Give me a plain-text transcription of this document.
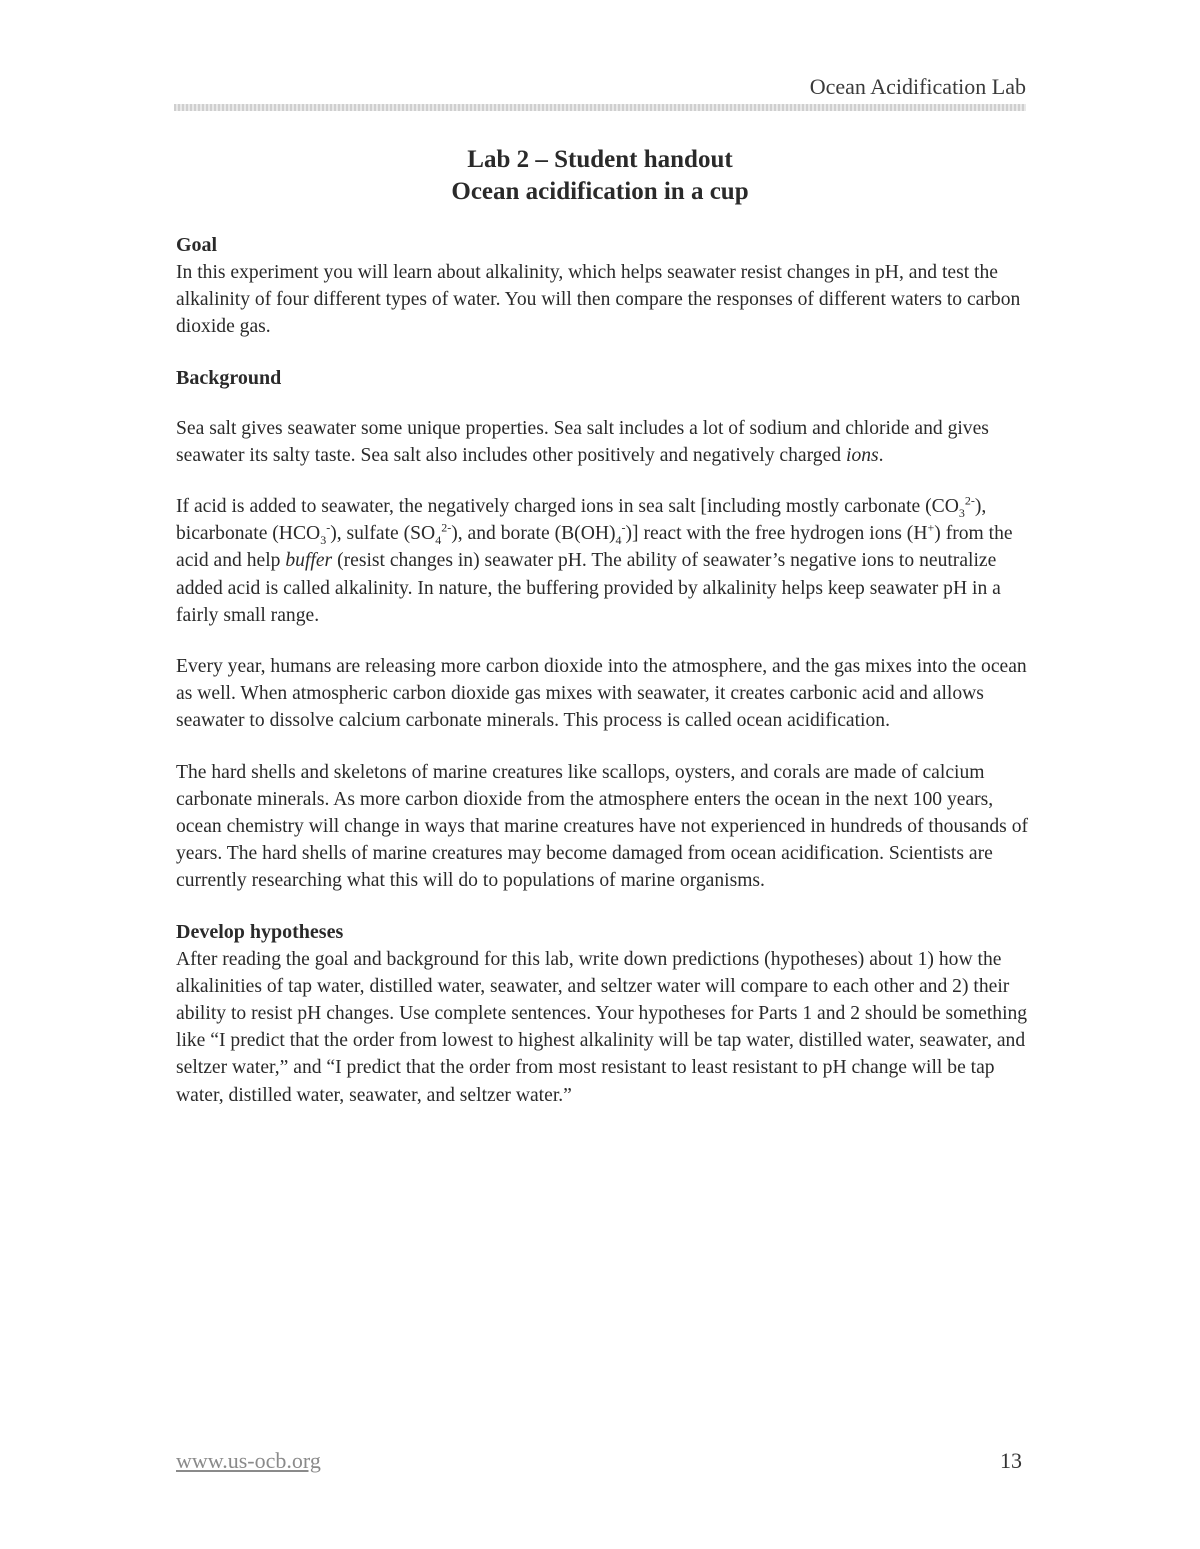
Ocean Acidification Lab
Lab 2 – Student handout
Ocean acidification in a cup
Goal

In this experiment you will learn about alkalinity, which helps seawater resist changes in pH, and test the alkalinity of four different types of water. You will then compare the responses of different waters to carbon dioxide gas.

Background

Sea salt gives seawater some unique properties. Sea salt includes a lot of sodium and chloride and gives seawater its salty taste. Sea salt also includes other positively and negatively charged ions.

If acid is added to seawater, the negatively charged ions in sea salt [including mostly carbonate $(CO_3^{2-})$, bicarbonate $(HCO_3^-)$, sulfate $(SO_4^{2-})$, and borate $(B(OH)_4^-)$] react with the free hydrogen ions (H+) from the acid and help buffer (resist changes in) seawater pH. The ability of seawater’s negative ions to neutralize added acid is called alkalinity. In nature, the buffering provided by alkalinity helps keep seawater pH in a fairly small range.

Every year, humans are releasing more carbon dioxide into the atmosphere, and the gas mixes into the ocean as well. When atmospheric carbon dioxide gas mixes with seawater, it creates carbonic acid and allows seawater to dissolve calcium carbonate minerals. This process is called ocean acidification.

The hard shells and skeletons of marine creatures like scallops, oysters, and corals are made of calcium carbonate minerals. As more carbon dioxide from the atmosphere enters the ocean in the next 100 years, ocean chemistry will change in ways that marine creatures have not experienced in hundreds of thousands of years. The hard shells of marine creatures may become damaged from ocean acidification. Scientists are currently researching what this will do to populations of marine organisms.

Develop hypotheses

After reading the goal and background for this lab, write down predictions (hypotheses) about 1) how the alkalinities of tap water, distilled water, seawater, and seltzer water will compare to each other and 2) their ability to resist pH changes. Use complete sentences. Your hypotheses for Parts 1 and 2 should be something like “I predict that the order from lowest to highest alkalinity will be tap water, distilled water, seawater, and seltzer water,” and “I predict that the order from most resistant to least resistant to pH change will be tap water, distilled water, seawater, and seltzer water.”

www.us-ocb.org	13
